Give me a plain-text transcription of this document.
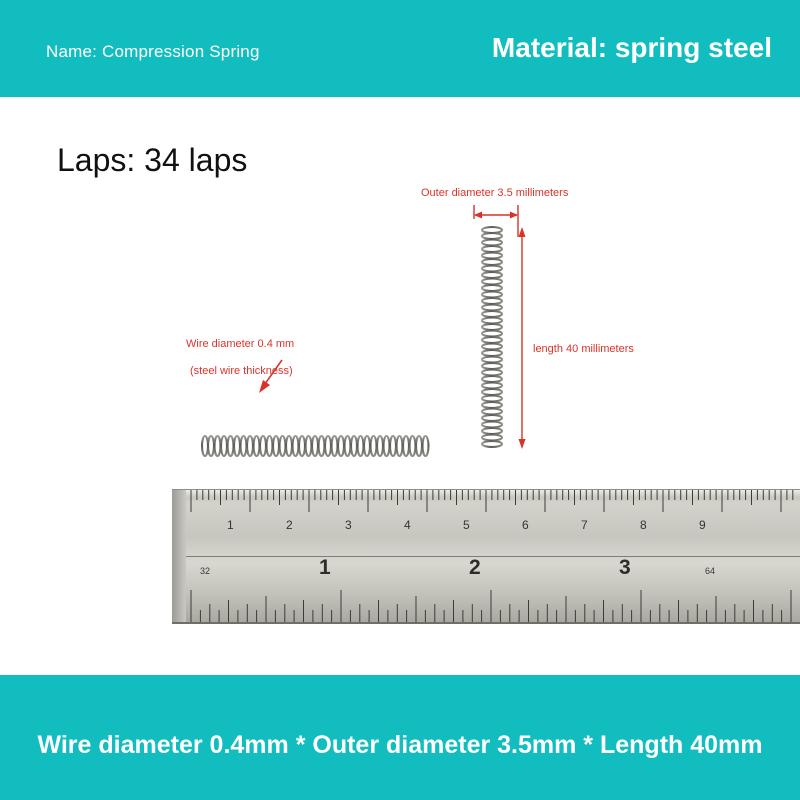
Name: Compression Spring	Material: spring steel
Laps: 34 laps
Outer diameter 3.5 millimeters
length 40 millimeters
Wire diameter 0.4 mm
(steel wire thickness)
1	2	3	4	5	6	7	8	9
1	2	3
32	64
Wire diameter 0.4mm * Outer diameter 3.5mm * Length 40mm
